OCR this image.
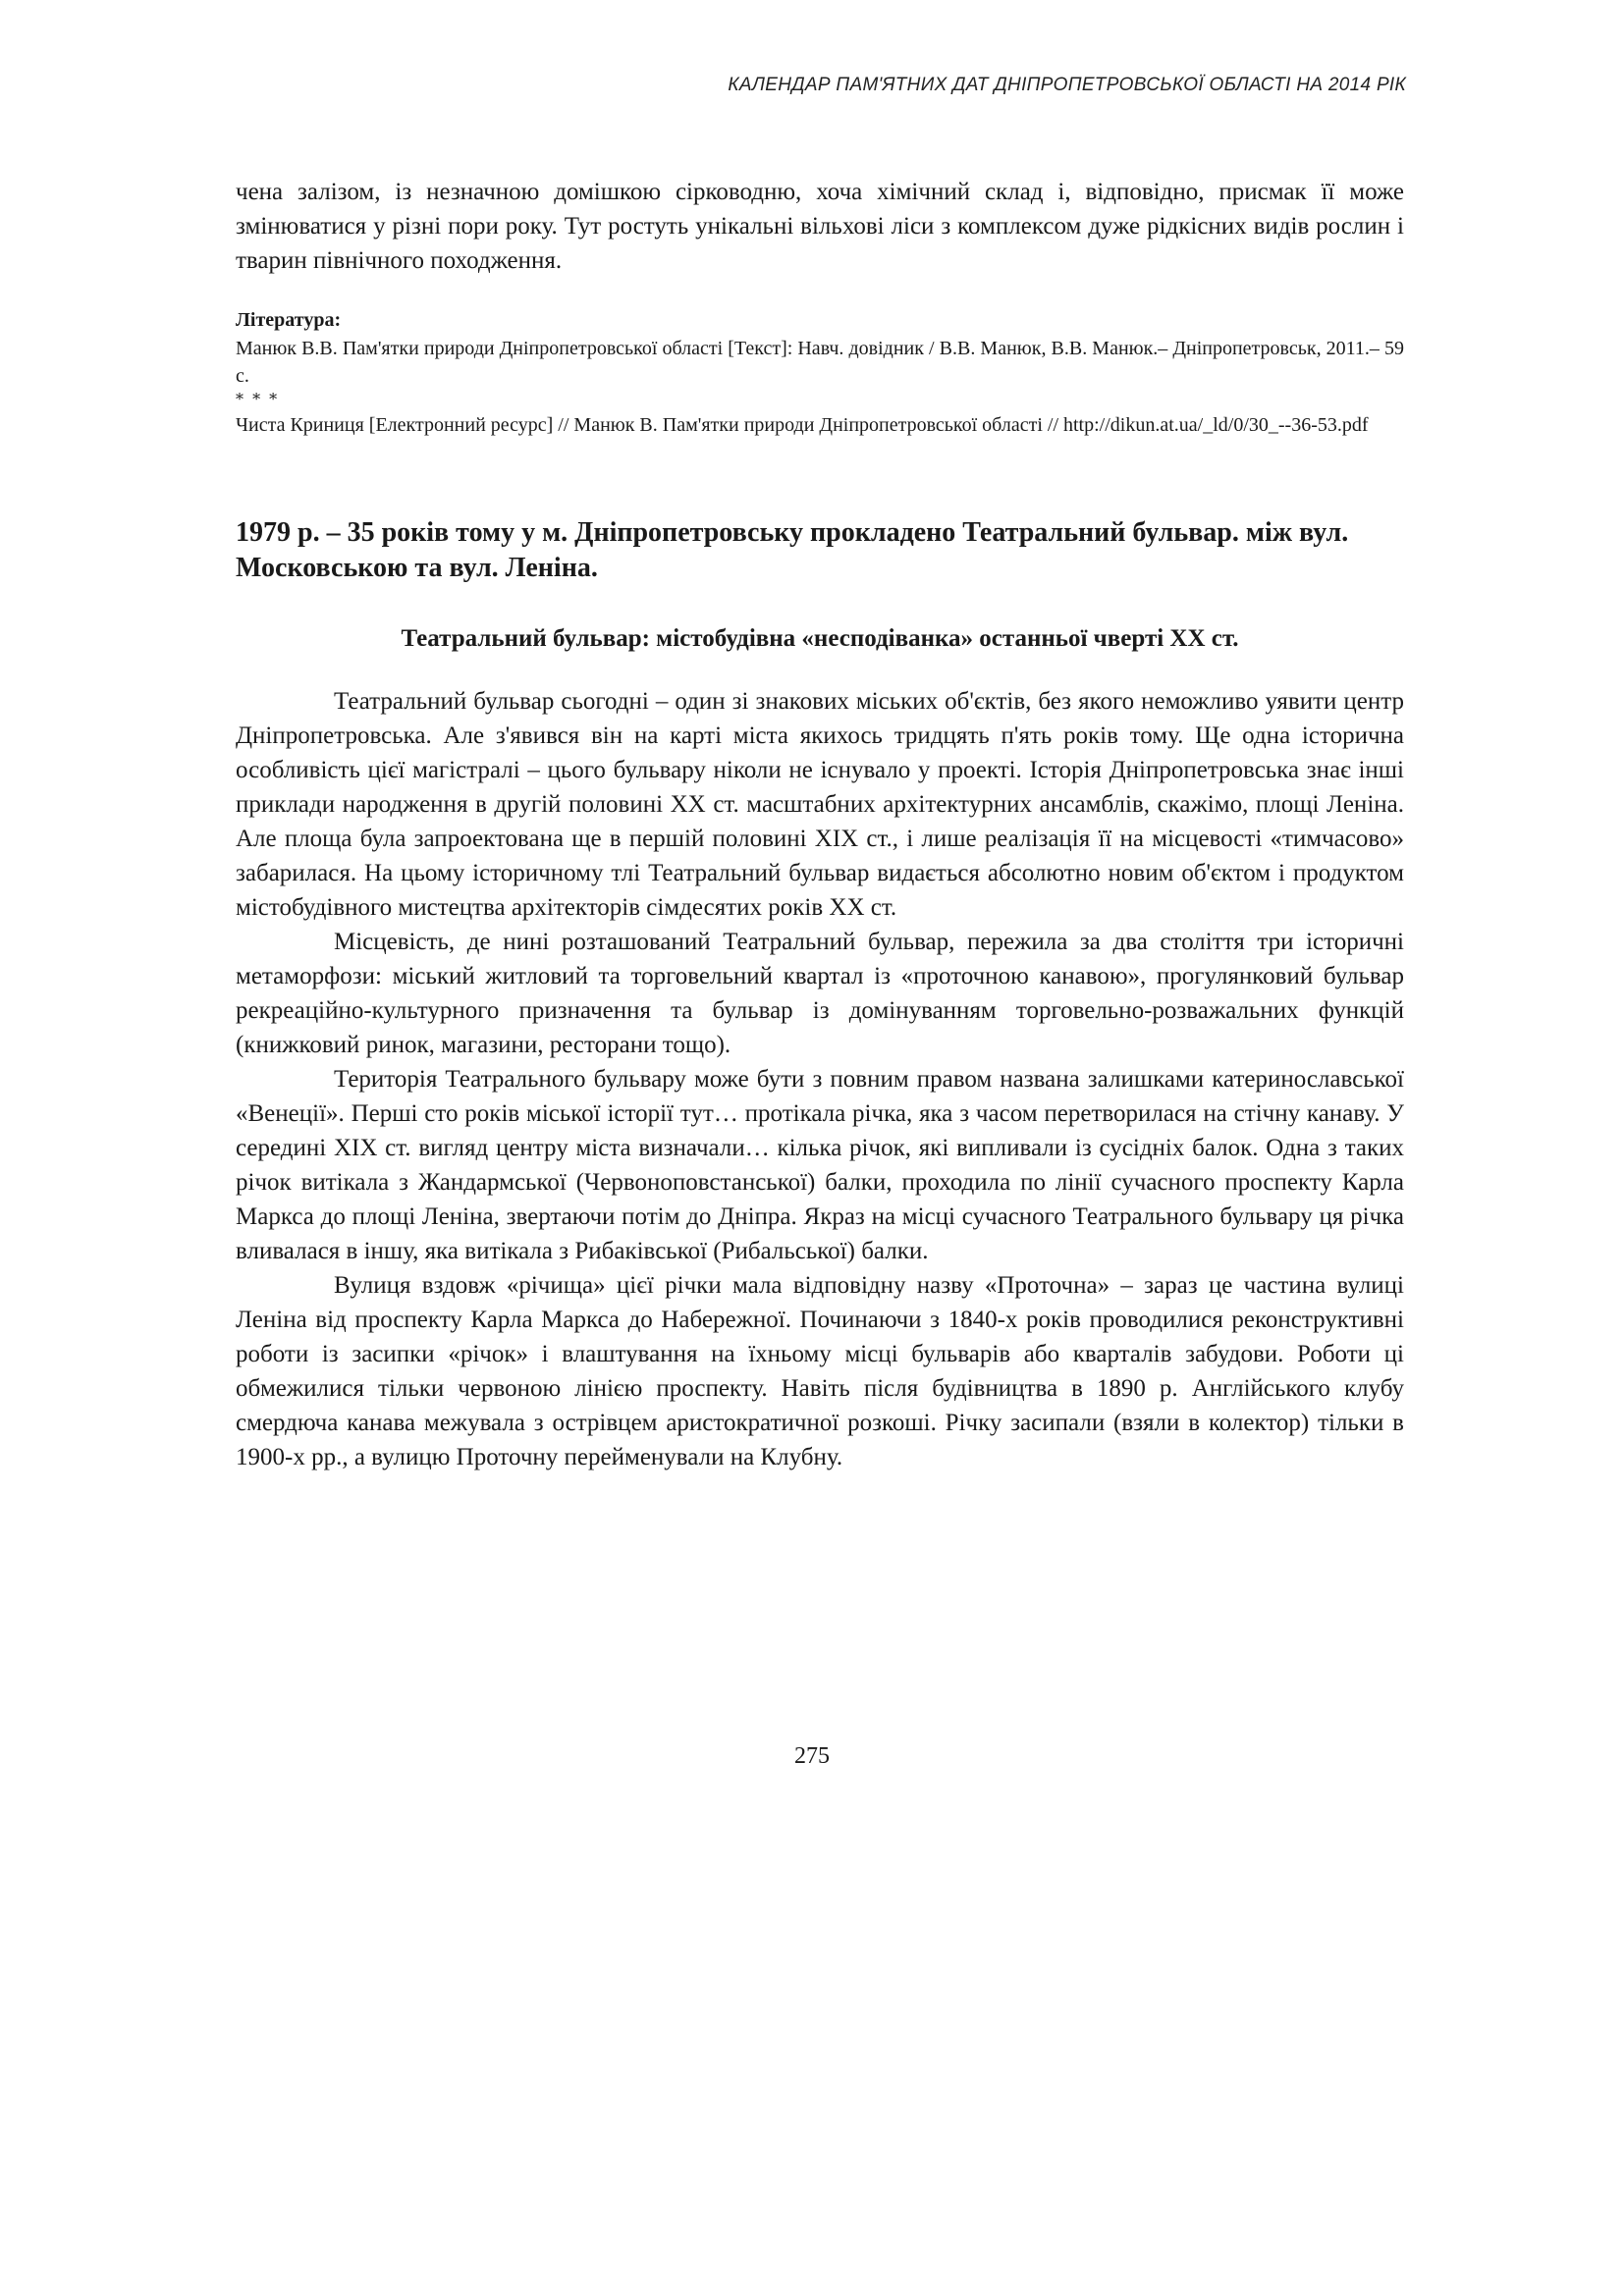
КАЛЕНДАР ПАМ'ЯТНИХ ДАТ ДНІПРОПЕТРОВСЬКОЇ ОБЛАСТІ НА 2014 РІК

чена залізом, із незначною домішкою сірководню, хоча хімічний склад і, відповідно, присмак її може змінюватися у різні пори року. Тут ростуть унікальні вільхові ліси з комплексом дуже рідкісних видів рослин і тварин північного походження.

Література:

Манюк В.В. Пам'ятки природи Дніпропетровської області [Текст]: Навч. довідник / В.В. Манюк, В.В. Манюк.– Дніпропетровськ, 2011.– 59 с.

* * *

Чиста Криниця [Електронний ресурс] // Манюк В. Пам'ятки природи Дніпропетровської області // http://dikun.at.ua/_ld/0/30_--36-53.pdf

1979 р. – 35 років тому у м. Дніпропетровську прокладено Театральний бульвар. між вул. Московською та вул. Леніна.
Театральний бульвар: містобудівна «несподіванка» останньої чверті ХХ ст.

Театральний бульвар сьогодні – один зі знакових міських об'єктів, без якого неможливо уявити центр Дніпропетровська. Але з'явився він на карті міста якихось тридцять п'ять років тому. Ще одна історична особливість цієї магістралі – цього бульвару ніколи не існувало у проекті. Історія Дніпропетровська знає інші приклади народження в другій половині ХХ ст. масштабних архітектурних ансамблів, скажімо, площі Леніна. Але площа була запроектована ще в першій половині ХІХ ст., і лише реалізація її на місцевості «тимчасово» забарилася. На цьому історичному тлі Театральний бульвар видається абсолютно новим об'єктом і продуктом містобудівного мистецтва архітекторів сімдесятих років ХХ ст.

Місцевість, де нині розташований Театральний бульвар, пережила за два століття три історичні метаморфози: міський житловий та торговельний квартал із «проточною канавою», прогулянковий бульвар рекреаційно-культурного призначення та бульвар із домінуванням торговельно-розважальних функцій (книжковий ринок, магазини, ресторани тощо).

Територія Театрального бульвару може бути з повним правом названа залишками катеринославської «Венеції». Перші сто років міської історії тут… протікала річка, яка з часом перетворилася на стічну канаву. У середині ХІХ ст. вигляд центру міста визначали… кілька річок, які випливали із сусідніх балок. Одна з таких річок витікала з Жандармської (Червоноповстанської) балки, проходила по лінії сучасного проспекту Карла Маркса до площі Леніна, звертаючи потім до Дніпра. Якраз на місці сучасного Театрального бульвару ця річка вливалася в іншу, яка витікала з Рибаківської (Рибальської) балки.

Вулиця вздовж «річища» цієї річки мала відповідну назву «Проточна» – зараз це частина вулиці Леніна від проспекту Карла Маркса до Набережної. Починаючи з 1840-х років проводилися реконструктивні роботи із засипки «річок» і влаштування на їхньому місці бульварів або кварталів забудови. Роботи ці обмежилися тільки червоною лінією проспекту. Навіть після будівництва в 1890 р. Англійського клубу смердюча канава межувала з острівцем аристократичної розкоші. Річку засипали (взяли в колектор) тільки в 1900-х рр., а вулицю Проточну перейменували на Клубну.

275
